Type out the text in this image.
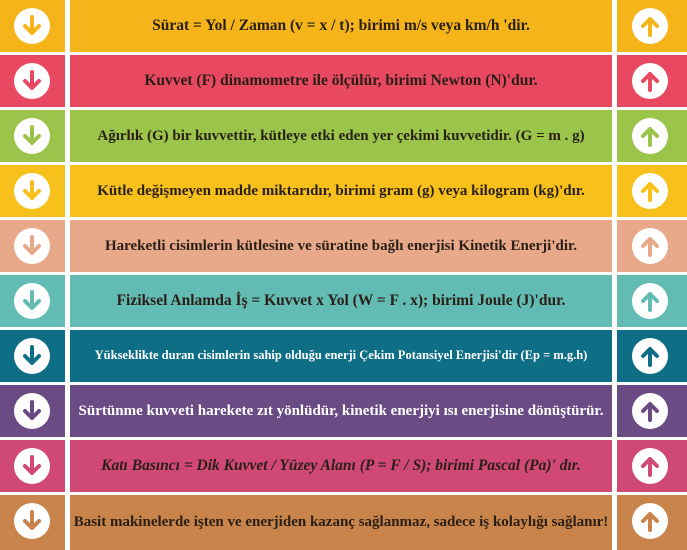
Sürat = Yol / Zaman (v = x / t); birimi m/s veya km/h 'dir.
Kuvvet (F) dinamometre ile ölçülür, birimi Newton (N)'dur.
Ağırlık (G) bir kuvvettir, kütleye etki eden yer çekimi kuvvetidir. (G = m . g)
Kütle değişmeyen madde miktarıdır, birimi gram (g) veya kilogram (kg)'dır.
Hareketli cisimlerin kütlesine ve süratine bağlı enerjisi Kinetik Enerji'dir.
Fiziksel Anlamda İş = Kuvvet x Yol (W = F . x); birimi Joule (J)'dur.
Yükseklikte duran cisimlerin sahip olduğu enerji Çekim Potansiyel Enerjisi'dir (Ep = m.g.h)
Sürtünme kuvveti harekete zıt yönlüdür, kinetik enerjiyi ısı enerjisine dönüştürür.
Katı Basıncı = Dik Kuvvet / Yüzey Alanı (P = F / S); birimi Pascal (Pa)' dır.
Basit makinelerde işten ve enerjiden kazanç sağlanmaz, sadece iş kolaylığı sağlanır!
